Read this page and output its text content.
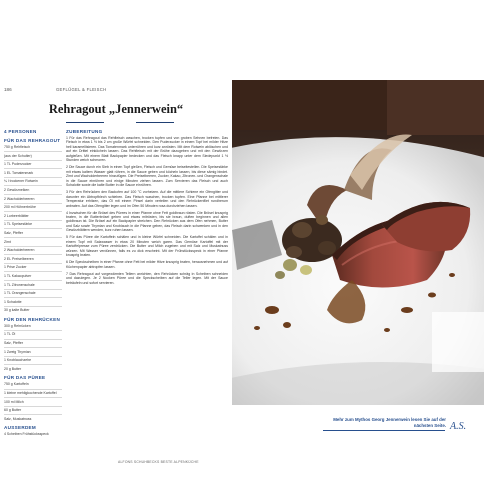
186	GEFLÜGEL & FLEISCH
Rehragout „Jennerwein“
4 PERSONEN
FÜR DAS REHRAGOUT

750 g Rehfleisch

(aus der Schulter)

1 TL Puderzucker

1 EL Tomatenmark

¼ l trockener Rotwein

2 Gewürznelken

2 Wacholderbeeren

200 ml Hühnerbrühe

2 Lorbeerblätter

1 TL Speisestärke

Salz, Pfeffer

Zimt

2 Wacholderbeeren

2 EL Preiselbeeren

1 Prise Zucker

1 TL Kakaopulver

1 TL Zitronenschale

1 TL Orangenschale

1 Schalotte

30 g kalte Butter

FÜR DEN REHRÜCKEN

300 g Rehrücken

1 TL Öl

Salz, Pfeffer

1 Zweig Thymian

1 Knoblauchzehe

20 g Butter

FÜR DAS PÜREE

750 g Kartoffeln

1 kleine mehligkochende Kartoffel

100 ml Milch

60 g Butter

Salz, Muskatnuss

AUSSERDEM

4 Scheiben Frühstücksspeck

ZUBEREITUNG

1 Für das Rehragout das Rehfleisch waschen, trocken tupfen und von groben Sehnen befreien. Das Fleisch in etwa 1 ½ bis 2 cm große Würfel schneiden. Den Puderzucker in einem Topf bei milder Hitze hell karamellisieren. Das Tomatenmark unterrühren und kurz anrösten. Mit dem Rotwein ablöschen und auf ein Drittel einköcheln lassen. Das Rehfleisch mit der Brühe dazugeben und mit den Gewürzen aufgießen. Mit einem Blatt Backpapier bedecken und das Fleisch knapp unter dem Siedepunkt 1 ½ Stunden weich schmoren.

2 Die Sauce durch ein Sieb in einen Topf gießen, Fleisch und Gemüse beiseitestellen. Die Speisestärke mit etwas kaltem Wasser glatt rühren, in die Sauce geben und köcheln lassen, bis diese sämig bindet. Zimt und Wacholderbeeren hinzufügen. Die Preiselbeeren, Zucker, Kakao, Zitronen- und Orangenschale in die Sauce einrühren und einige Minuten ziehen lassen. Zum Servieren das Fleisch und auch Schalotte sowie die kalte Butter in die Sauce einrühren.

3 Für den Rehrücken den Backofen auf 100 °C vorheizen. Auf die mittlere Schiene ein Ofengitter und darunter ein Abtropfblech schieben. Das Fleisch waschen, trocken tupfen. Eine Pfanne bei mittlerer Temperatur erhitzen, das Öl mit einem Pinsel darin verteilen und den Rehrückenfilet rundherum anbraten. Auf das Ofengitter legen und im Ofen 50 Minuten rosa durchziehen lassen.

4 Inzwischen für die Brösel des Pürees in einer Pfanne ohne Fett goldbraun rösten. Die Brösel knusprig braten, in die Butterbrösel geben und etwas mitrösten, bis sie braun, duften beginnen und allen goldbraun ist. Die Brösel auf ein Backpapier streichen. Den Rehrücken aus dem Ofen nehmen, Butter und Salz sowie Thymian und Knoblauch in die Pfanne geben, das Fleisch darin schwenken und in den Gewürzblättern wenden, kurz ruhen lassen.

5 Für das Püree die Kartoffeln schälen und in kleine Würfel schneiden. Die Kartoffel schälen und in einem Topf mit Salzwasser in etwa 20 Minuten weich garen. Das Gemüse Kartoffel mit der Kartoffelpresse zum Püree zerdrücken. Die Butter und Milch zugeben und mit Salz und Muskatnuss würzen. Mit Wasser verdünnen, falls es zu dick erscheint. Mit der Frühstücksspeck in einer Pfanne knusprig braten.

6 Die Speckscheiben in einer Pfanne ohne Fett bei milder Hitze knusprig braten, herausnehmen und auf Küchenpapier abtropfen lassen.

7 Das Rehragout auf vorgewärmten Tellern anrichten, den Rehrücken schräg in Scheiben schneiden und dazulegen. Je 2 Nocken Püree und die Speckscheiben auf die Teller legen. Mit der Sauce beträufeln und sofort servieren.

ALFONS SCHUHBECKS BESTE ALPENKÜCHE
Mehr zum Mythos Georg Jennerwein lesen Sie auf der nächsten Seite. A.S.
